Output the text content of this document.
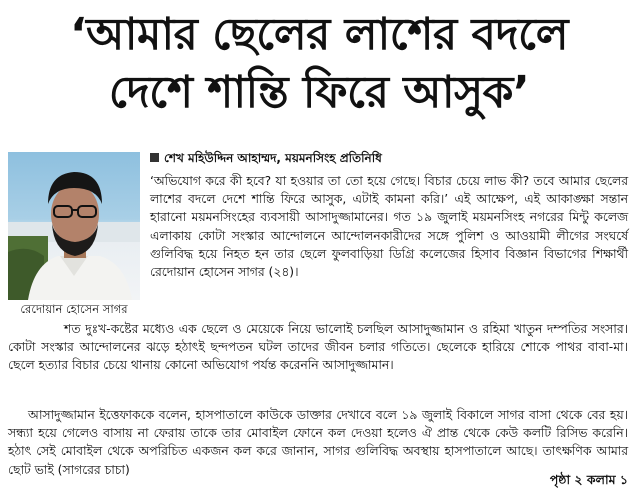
‘আমার ছেলের লাশের বদলে
দেশে শান্তি ফিরে আসুক’
রেদোয়ান হোসেন সাগর
শেখ মহিউদ্দিন আহাম্মদ, ময়মনসিংহ প্রতিনিধি
‘অভিযোগ করে কী হবে? যা হওয়ার তা তো হয়ে গেছে। বিচার চেয়ে লাভ কী? তবে আমার ছেলের লাশের বদলে দেশে শান্তি ফিরে আসুক, এটাই কামনা করি।’ এই আক্ষেপ, এই আকাঙ্ক্ষা সন্তান হারানো ময়মনসিংহের ব্যবসায়ী আসাদুজ্জামানের। গত ১৯ জুলাই ময়মনসিংহ নগরের মিন্টু কলেজ এলাকায় কোটা সংস্কার আন্দোলনে আন্দোলনকারীদের সঙ্গে পুলিশ ও আওয়ামী লীগের সংঘর্ষে গুলিবিদ্ধ হয়ে নিহত হন তার ছেলে ফুলবাড়িয়া ডিগ্রি কলেজের হিসাব বিজ্ঞান বিভাগের শিক্ষার্থী রেদোয়ান হোসেন সাগর (২৪)।
শত দুঃখ-কষ্টের মধ্যেও এক ছেলে ও মেয়েকে নিয়ে ভালোই চলছিল আসাদুজ্জামান ও রহিমা খাতুন দম্পতির সংসার। কোটা সংস্কার আন্দোলনের ঝড়ে হঠাৎই ছন্দপতন ঘটল তাদের জীবন চলার গতিতে। ছেলেকে হারিয়ে শোকে পাথর বাবা-মা। ছেলে হত্যার বিচার চেয়ে থানায় কোনো অভিযোগ পর্যন্ত করেননি আসাদুজ্জামান।
আসাদুজ্জামান ইত্তেফাককে বলেন, হাসপাতালে কাউকে ডাক্তার দেখাবে বলে ১৯ জুলাই বিকালে সাগর বাসা থেকে বের হয়। সন্ধ্যা হয়ে গেলেও বাসায় না ফেরায় তাকে তার মোবাইল ফোনে কল দেওয়া হলেও ঐ প্রান্ত থেকে কেউ কলটি রিসিভ করেনি। হঠাৎ সেই মোবাইল থেকে অপরিচিত একজন কল করে জানান, সাগর গুলিবিদ্ধ অবস্থায় হাসপাতালে আছে। তাৎক্ষণিক আমার ছোট ভাই (সাগরের চাচা)
পৃষ্ঠা ২ কলাম ১
